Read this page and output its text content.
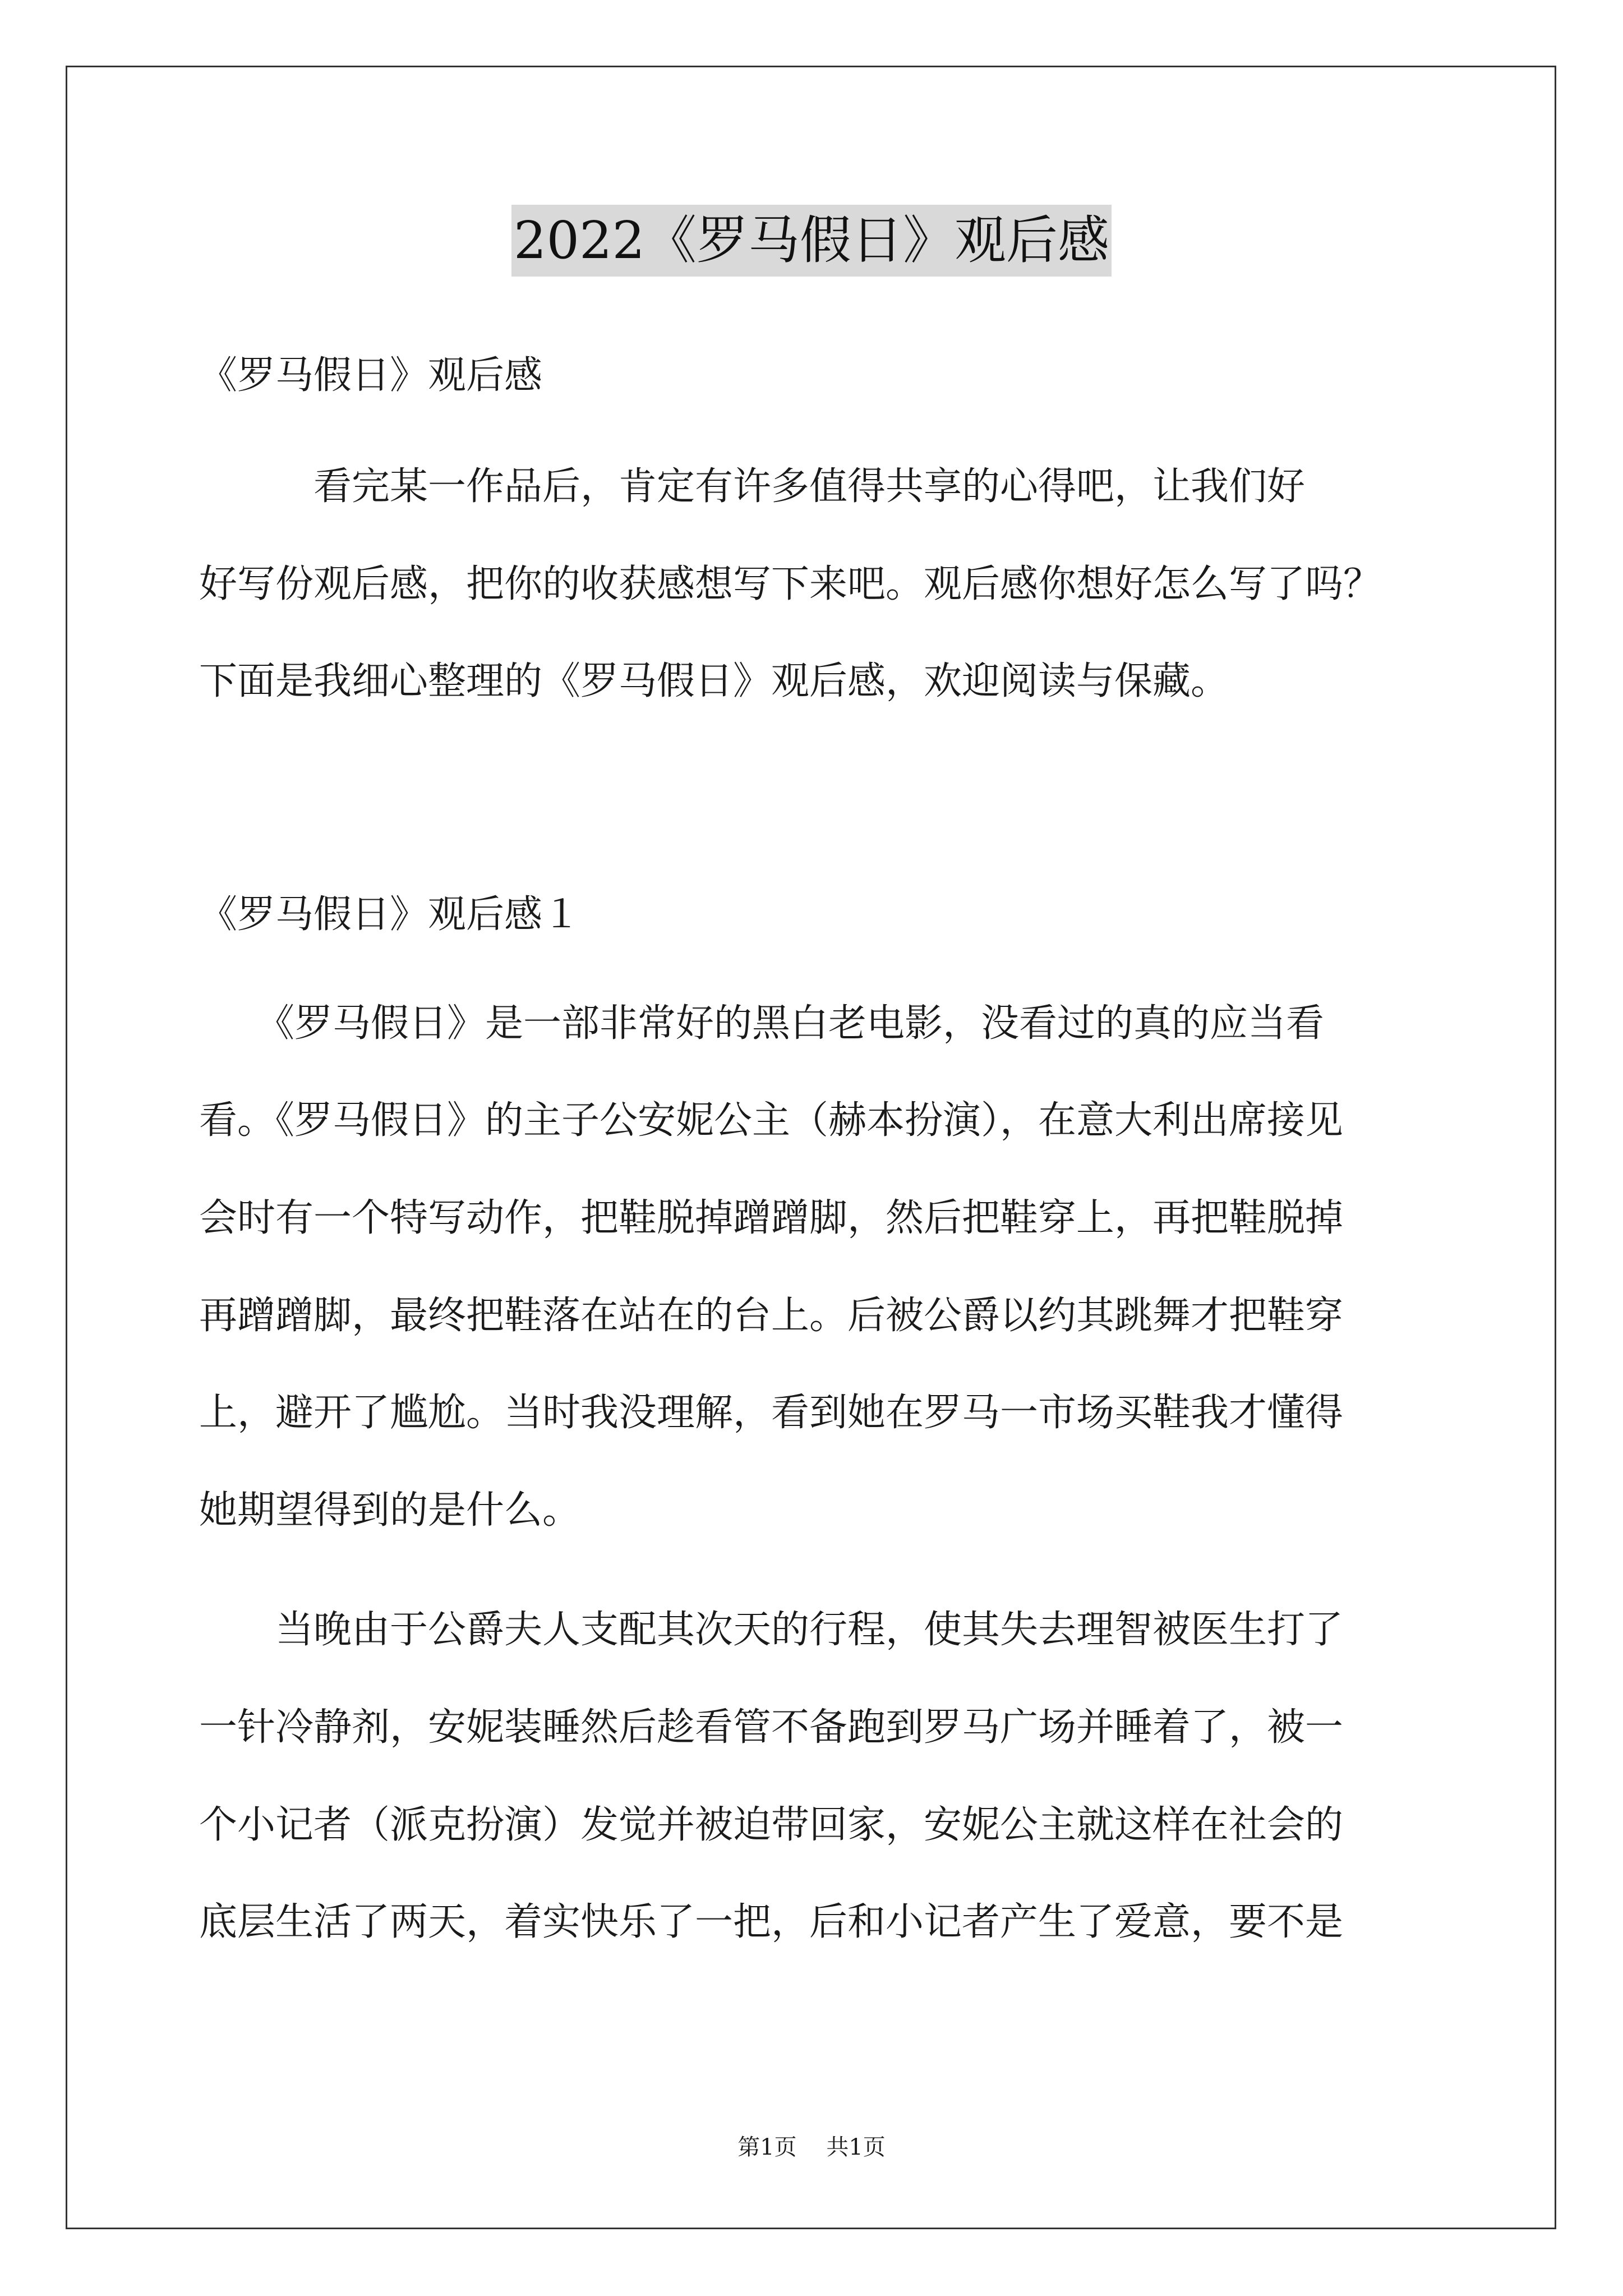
2022《罗马假日》观后感
《罗马假日》观后感
　　　看完某一作品后，肯定有许多值得共享的心得吧，让我们好
好写份观后感，把你的收获感想写下来吧。观后感你想好怎么写了吗？
下面是我细心整理的《罗马假日》观后感，欢迎阅读与保藏。
《罗马假日》观后感１
　　《罗马假日》是一部非常好的黑白老电影，没看过的真的应当看
看。《罗马假日》的主子公安妮公主（赫本扮演），在意大利出席接见
会时有一个特写动作，把鞋脱掉蹭蹭脚，然后把鞋穿上，再把鞋脱掉
再蹭蹭脚，最终把鞋落在站在的台上。后被公爵以约其跳舞才把鞋穿
上，避开了尴尬。当时我没理解，看到她在罗马一市场买鞋我才懂得
她期望得到的是什么。
　　当晚由于公爵夫人支配其次天的行程，使其失去理智被医生打了
一针冷静剂，安妮装睡然后趁看管不备跑到罗马广场并睡着了，被一
个小记者（派克扮演）发觉并被迫带回家，安妮公主就这样在社会的
底层生活了两天，着实快乐了一把，后和小记者产生了爱意，要不是
第1页　 共1页
